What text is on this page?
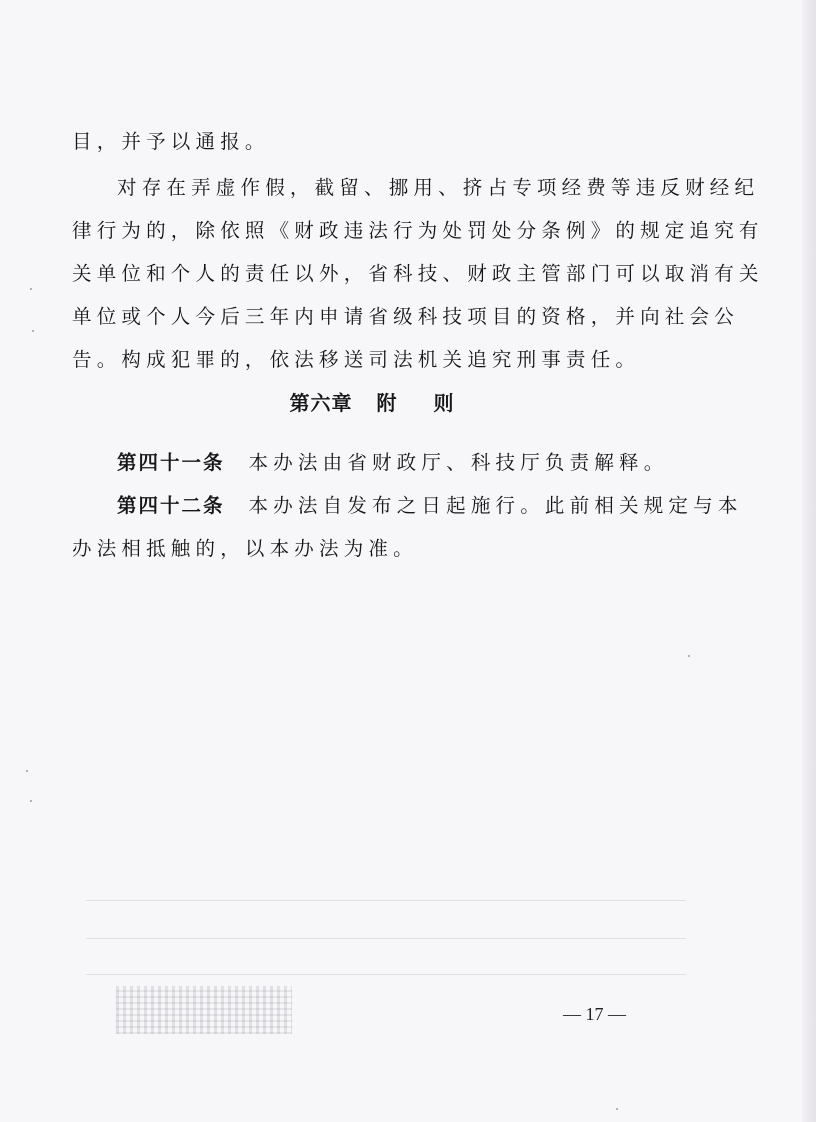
目，并予以通报。
对存在弄虚作假，截留、挪用、挤占专项经费等违反财经纪
律行为的，除依照《财政违法行为处罚处分条例》的规定追究有
关单位和个人的责任以外，省科技、财政主管部门可以取消有关
单位或个人今后三年内申请省级科技项目的资格，并向社会公
告。构成犯罪的，依法移送司法机关追究刑事责任。
第六章 附 则
第四十一条 本办法由省财政厅、科技厅负责解释。
第四十二条 本办法自发布之日起施行。此前相关规定与本
办法相抵触的，以本办法为准。
— 17 —
